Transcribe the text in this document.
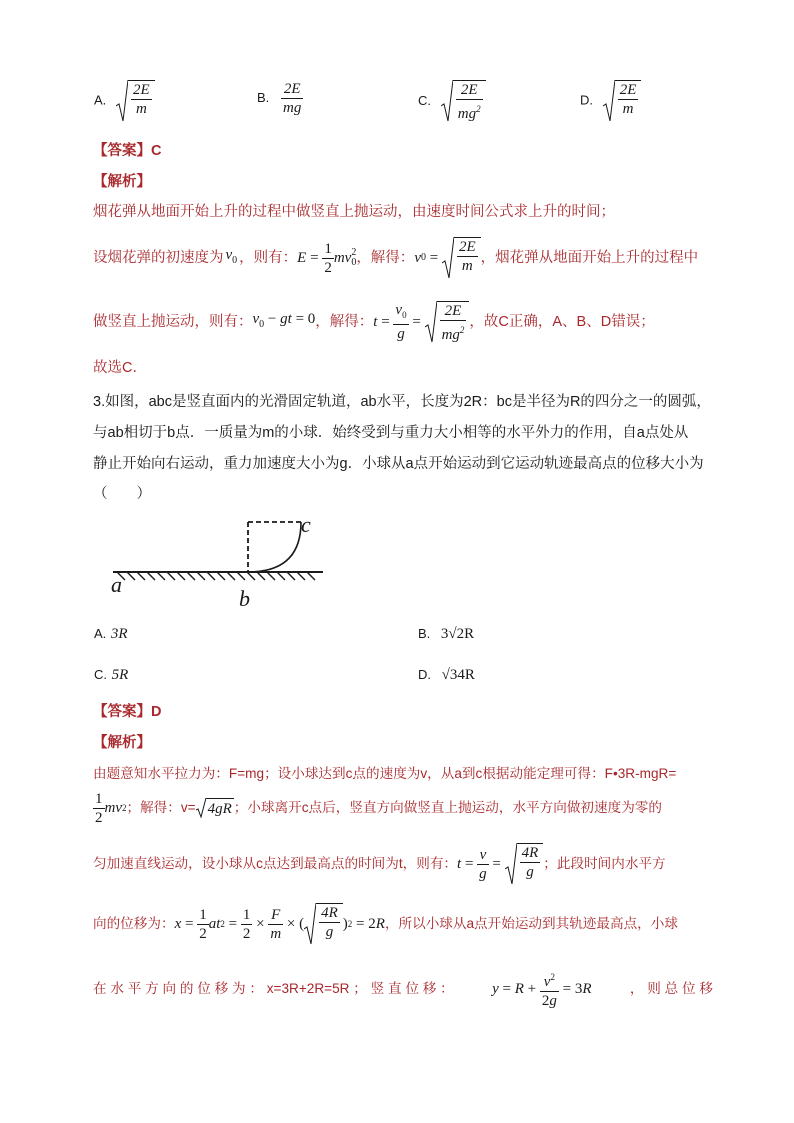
A. $\frac{2E}{m}$	B. $\frac{2E}{mg}$	C. $\frac{2E}{mg^2}$	D. $\frac{2E}{m}$
【答案】C
【解析】
烟花弹从地面开始上升的过程中做竖直上抛运动，由速度时间公式求上升的时间；
设烟花弹的初速度为 $v_0$ ，则有： $E = \frac{1}{2}$ mv 2
0 ，解得： v $0 = \frac{2E}{m}$ ，烟花弹从地面开始上升的过程中
做竖直上抛运动，则有： $v_0$ − gt = 0 ，解得： $t = \frac{v_0}{g} = \frac{2E}{mg^2}$ ，故C正确，A、B、D错误；
故选C．
3.如图，abc是竖直面内的光滑固定轨道，ab水平，长度为2R：bc是半径为R的四分之一的圆弧，
与ab相切于b点．一质量为m的小球．始终受到与重力大小相等的水平外力的作用，自a点处从
静止开始向右运动，重力加速度大小为g．小球从a点开始运动到它运动轨迹最高点的位移大小为
（　　）
a
b
c
A. 3R	B. 3√2R
C. 5R	D. √34R
【答案】D
【解析】
由题意知水平拉力为：F=mg；设小球达到c点的速度为v，从a到c根据动能定理可得：F•3R-mgR=
$\frac{1}{2}$ mv 2 ；解得：v= 4gR ；小球离开c点后，竖直方向做竖直上抛运动，水平方向做初速度为零的
匀加速直线运动，设小球从c点达到最高点的时间为t，则有： $t = \frac{v}{g} = \frac{4R}{g}$ ；此段时间内水平方
向的位移为： $x = \frac{1}{2}$ at $2 = \frac{1}{2} \times \frac{F}{m}$ × ( $\frac{4R}{g}$ ) 2 = 2 R ，所以小球从a点开始运动到其轨迹最高点，小球
在 水 平 方 向 的 位 移 为 ： x=3R+2R=5R ； 竖 直 位 移 ：	$y = R + \frac{v^2}{2g} = 3$ R	， 则 总 位 移
